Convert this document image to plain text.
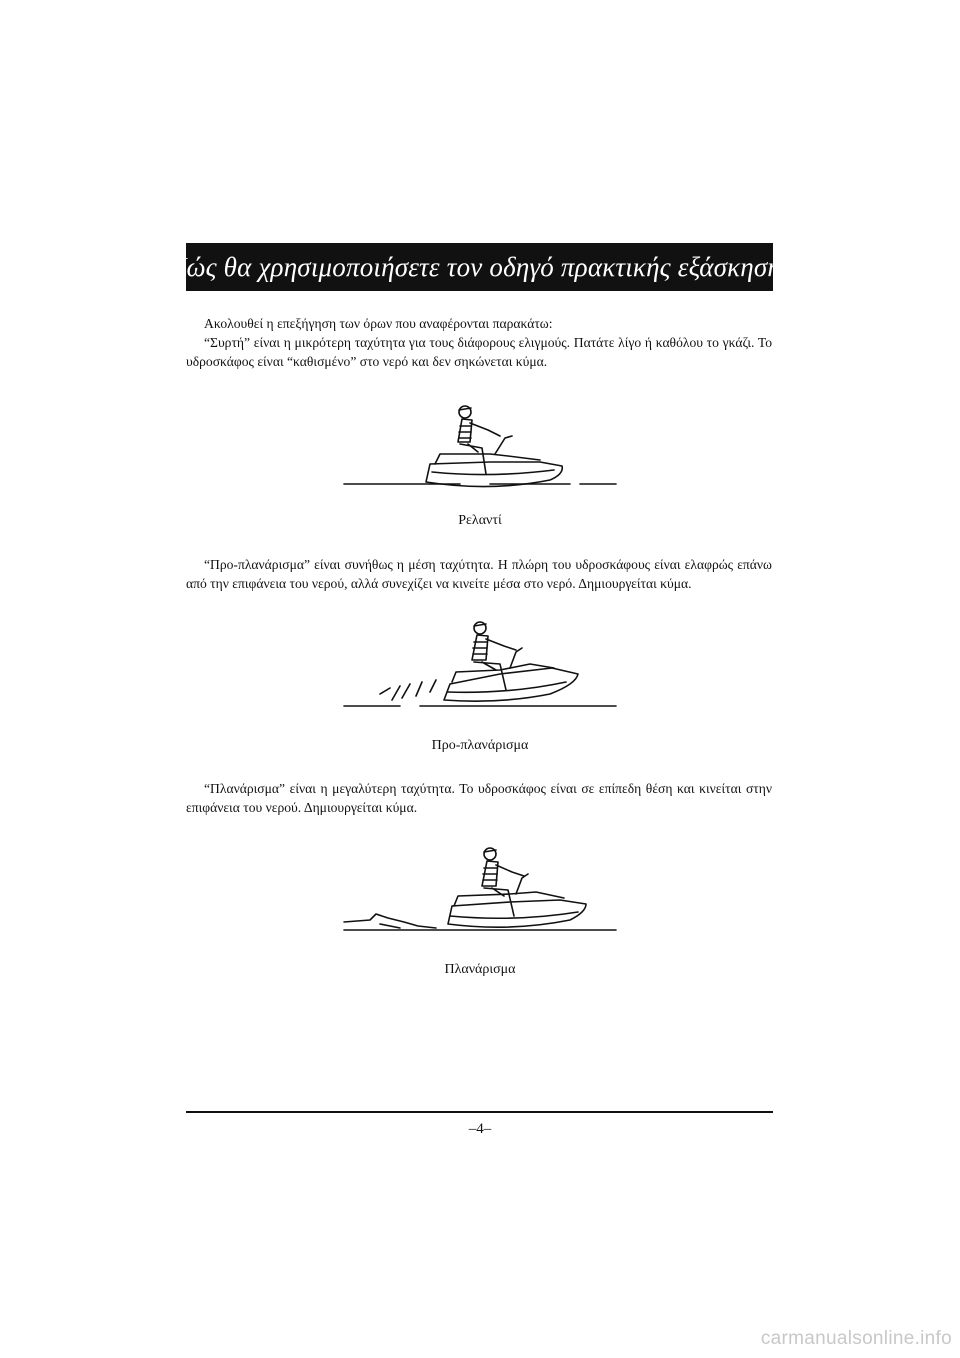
Πώς θα χρησιμοποιήσετε τον οδηγό πρακτικής εξάσκησης

Ακολουθεί η επεξήγηση των όρων που αναφέρονται παρακάτω:

“Συρτή” είναι η μικρότερη ταχύτητα για τους διάφορους ελιγμούς. Πατάτε λίγο ή καθόλου το γκάζι. Το υδροσκάφος είναι “καθισμένο” στο νερό και δεν σηκώνεται κύμα.

Ρελαντί

“Προ-πλανάρισμα” είναι συνήθως η μέση ταχύτητα. Η πλώρη του υδροσκάφους είναι ελαφρώς επάνω από την επιφάνεια του νερού, αλλά συνεχίζει να κινείτε μέσα στο νερό. Δημιουργείται κύμα.

Προ-πλανάρισμα

“Πλανάρισμα” είναι η μεγαλύτερη ταχύτητα. Το υδροσκάφος είναι σε επίπεδη θέση και κινείται στην επιφάνεια του νερού. Δημιουργείται κύμα.

Πλανάρισμα
–4–
carmanualsonline.info
